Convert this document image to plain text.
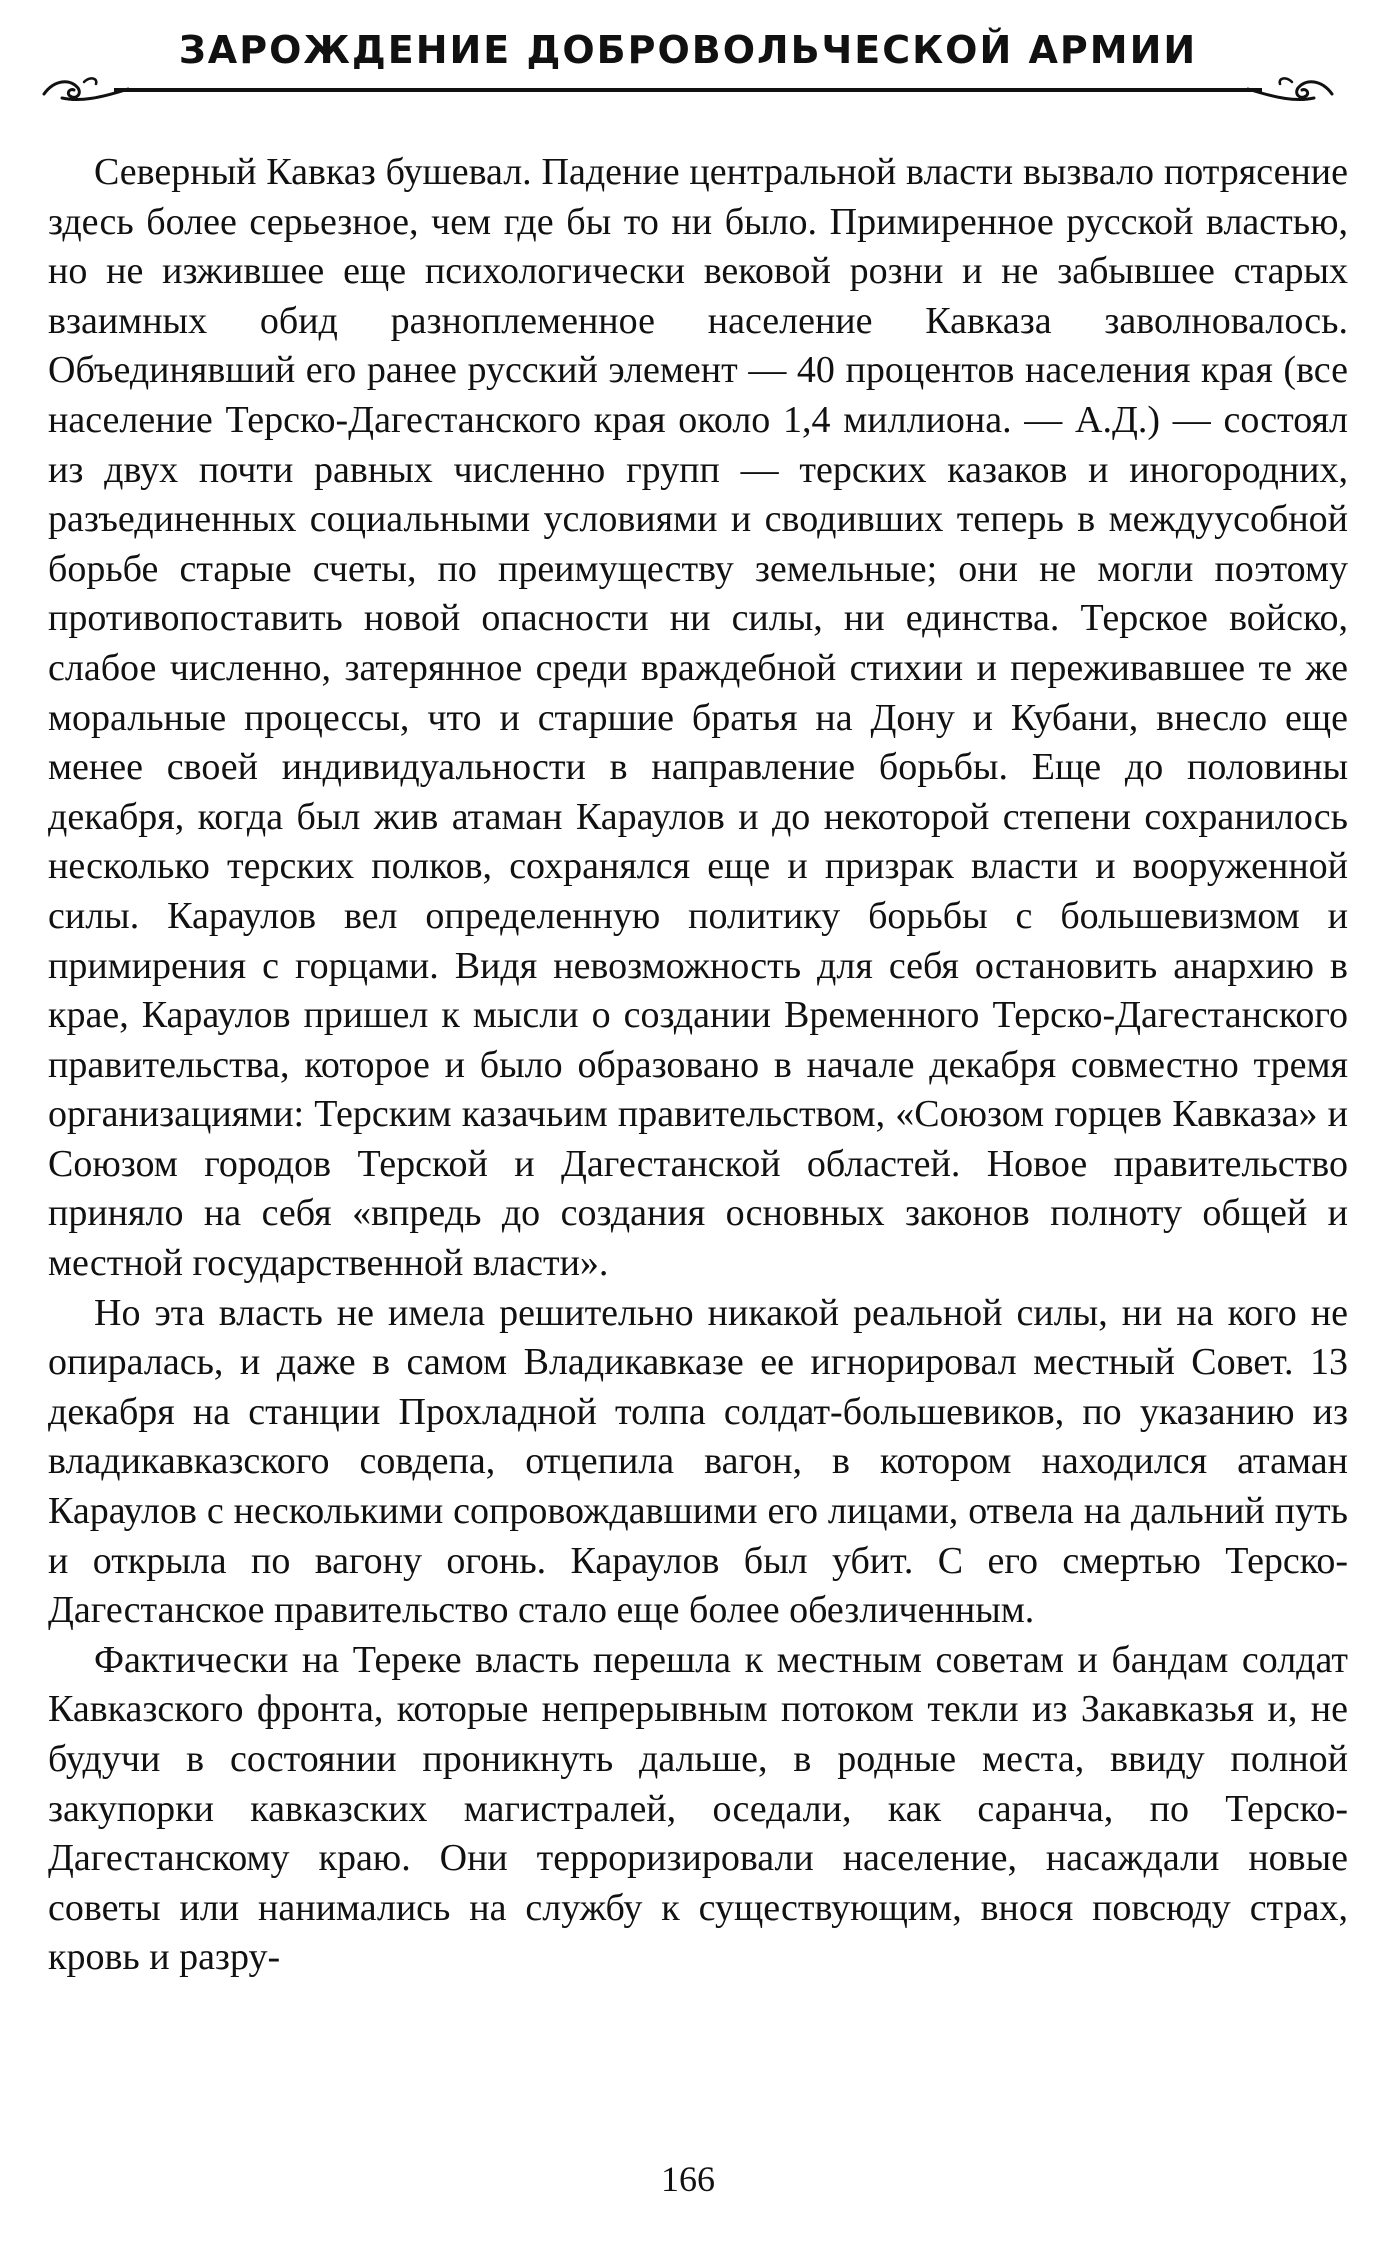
ЗАРОЖДЕНИЕ ДОБРОВОЛЬЧЕСКОЙ АРМИИ

Северный Кавказ бушевал. Падение центральной власти вызвало потрясение здесь более серьезное, чем где бы то ни было. Примиренное русской властью, но не изжившее еще психологически вековой розни и не забывшее старых взаимных обид разноплеменное население Кавказа заволновалось. Объединявший его ранее русский элемент — 40 процентов населения края (все население Терско-Дагестанского края около 1,4 миллиона. — А.Д.) — состоял из двух почти равных численно групп — терских казаков и иногородних, разъединенных социальными условиями и сводивших теперь в междуусобной борьбе старые счеты, по преимуществу земельные; они не могли поэтому противопоставить новой опасности ни силы, ни единства. Терское войско, слабое численно, затерянное среди враждебной стихии и переживавшее те же моральные процессы, что и старшие братья на Дону и Кубани, внесло еще менее своей индивидуальности в направление борьбы. Еще до половины декабря, когда был жив атаман Караулов и до некоторой степени сохранилось несколько терских полков, сохранялся еще и призрак власти и вооруженной силы. Караулов вел определенную политику борьбы с большевизмом и примирения с горцами. Видя невозможность для себя остановить анархию в крае, Караулов пришел к мысли о создании Временного Терско-Дагестанского правительства, которое и было образовано в начале декабря совместно тремя организациями: Терским казачьим правительством, «Союзом горцев Кавказа» и Союзом городов Терской и Дагестанской областей. Новое правительство приняло на себя «впредь до создания основных законов полноту общей и местной государственной власти».

Но эта власть не имела решительно никакой реальной силы, ни на кого не опиралась, и даже в самом Владикавказе ее игнорировал местный Совет. 13 декабря на станции Прохладной толпа солдат-большевиков, по указанию из владикавказского совдепа, отцепила вагон, в котором находился атаман Караулов с несколькими сопровождавшими его лицами, отвела на дальний путь и открыла по вагону огонь. Караулов был убит. С его смертью Терско-Дагестанское правительство стало еще более обезличенным.

Фактически на Тереке власть перешла к местным советам и бандам солдат Кавказского фронта, которые непрерывным потоком текли из Закавказья и, не будучи в состоянии проникнуть дальше, в родные места, ввиду полной закупорки кавказских магистралей, оседали, как саранча, по Терско-Дагестанскому краю. Они терроризировали население, насаждали новые советы или нанимались на службу к существующим, внося повсюду страх, кровь и разру-

166
